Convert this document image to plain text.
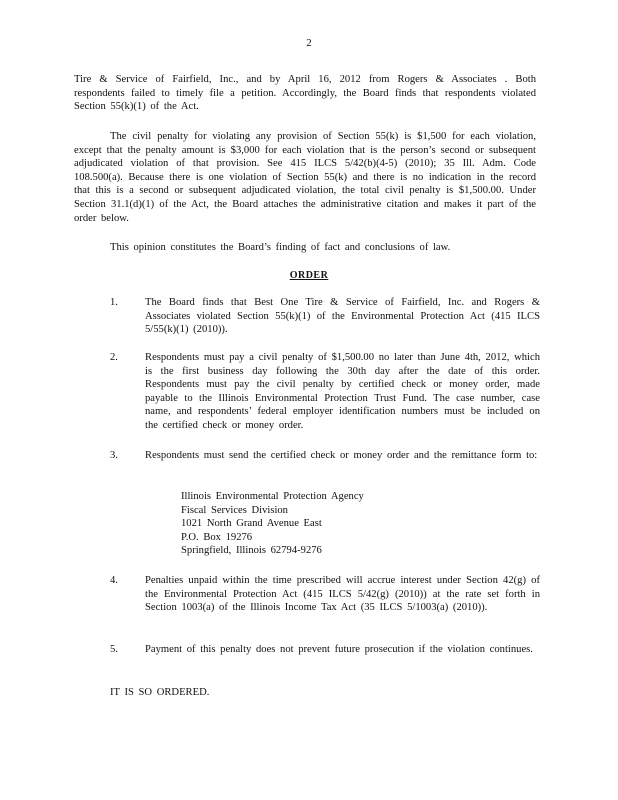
2

Tire & Service of Fairfield, Inc., and by April 16, 2012 from Rogers & Associates . Both respondents failed to timely file a petition. Accordingly, the Board finds that respondents violated Section 55(k)(1) of the Act.

The civil penalty for violating any provision of Section 55(k) is $1,500 for each violation, except that the penalty amount is $3,000 for each violation that is the person’s second or subsequent adjudicated violation of that provision. See 415 ILCS 5/42(b)(4-5) (2010); 35 Ill. Adm. Code 108.500(a). Because there is one violation of Section 55(k) and there is no indication in the record that this is a second or subsequent adjudicated violation, the total civil penalty is $1,500.00. Under Section 31.1(d)(1) of the Act, the Board attaches the administrative citation and makes it part of the order below.

This opinion constitutes the Board’s finding of fact and conclusions of law.

ORDER
1.	The Board finds that Best One Tire & Service of Fairfield, Inc. and Rogers & Associates violated Section 55(k)(1) of the Environmental Protection Act (415 ILCS 5/55(k)(1) (2010)).

2.	Respondents must pay a civil penalty of $1,500.00 no later than June 4th, 2012, which is the first business day following the 30th day after the date of this order. Respondents must pay the civil penalty by certified check or money order, made payable to the Illinois Environmental Protection Trust Fund. The case number, case name, and respondents’ federal employer identification numbers must be included on the certified check or money order.

3.	Respondents must send the certified check or money order and the remittance form to:

Illinois Environmental Protection Agency
Fiscal Services Division
1021 North Grand Avenue East
P.O. Box 19276
Springfield, Illinois 62794-9276
4.	Penalties unpaid within the time prescribed will accrue interest under Section 42(g) of the Environmental Protection Act (415 ILCS 5/42(g) (2010)) at the rate set forth in Section 1003(a) of the Illinois Income Tax Act (35 ILCS 5/1003(a) (2010)).

5.	Payment of this penalty does not prevent future prosecution if the violation continues.

IT IS SO ORDERED.
